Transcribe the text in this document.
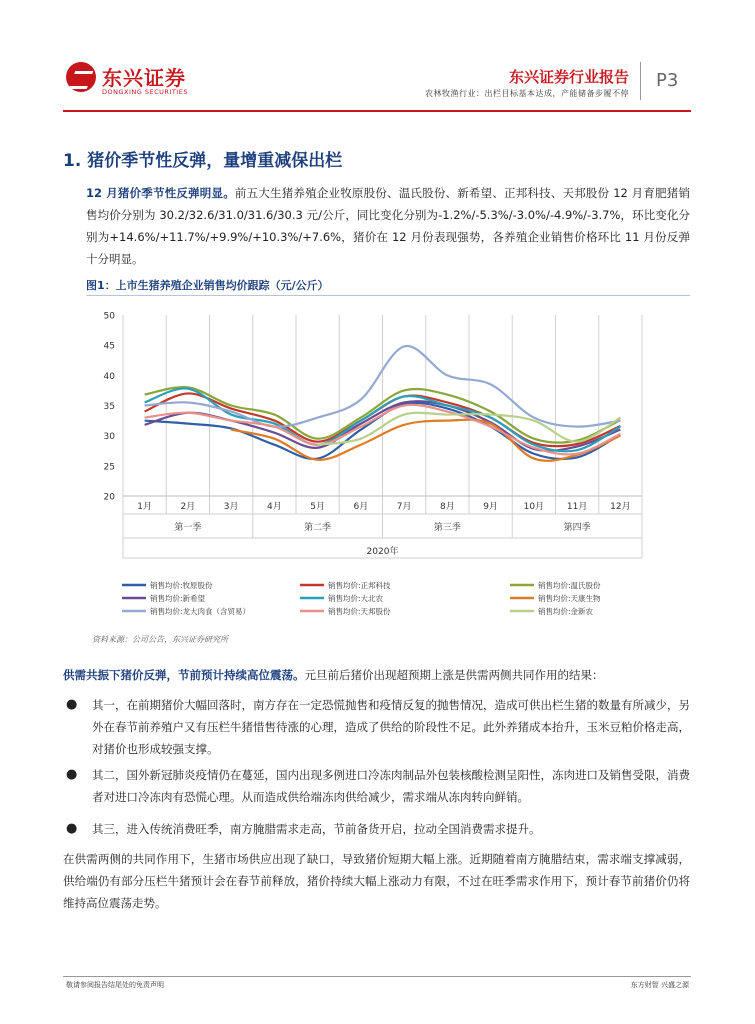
东兴证券
DONGXING SECURITIES
东兴证券行业报告
农林牧渔行业：出栏目标基本达成，产能储备步履不停
P3
1. 猪价季节性反弹，量增重减保出栏
12 月猪价季节性反弹明显。前五大生猪养殖企业牧原股份、温氏股份、新希望、正邦科技、天邦股份 12 月育肥猪销售均价分别为 30.2/32.6/31.0/31.6/30.3 元/公斤，同比变化分别为-1.2%/-5.3%/-3.0%/-4.9%/-3.7%，环比变化分别为+14.6%/+11.7%/+9.9%/+10.3%/+7.6%，猪价在 12 月份表现强势，各养殖企业销售价格环比 11 月份反弹十分明显。
图1：上市生猪养殖企业销售均价跟踪（元/公斤）
20
25
30
35
40
45
50
1月	2月	3月	4月	5月	6月	7月	8月	9月	10月	11月	12月
第一季	第二季	第三季	第四季
2020年
销售均价:牧原股份	销售均价:正邦科技	销售均价:温氏股份
销售均价:新希望	销售均价:大北农	销售均价:天康生物
销售均价:龙大肉食（含贸易）	销售均价:天邦股份	销售均价:金新农
资料来源：公司公告，东兴证券研究所
供需共振下猪价反弹，节前预计持续高位震荡。元旦前后猪价出现超预期上涨是供需两侧共同作用的结果：
● 其一，在前期猪价大幅回落时，南方存在一定恐慌抛售和疫情反复的抛售情况，造成可供出栏生猪的数量有所减少，另外在春节前养殖户又有压栏牛猪惜售待涨的心理，造成了供给的阶段性不足。此外养猪成本抬升，玉米豆粕价格走高，对猪价也形成较强支撑。
● 其二，国外新冠肺炎疫情仍在蔓延，国内出现多例进口冷冻肉制品外包装核酸检测呈阳性，冻肉进口及销售受限，消费者对进口冷冻肉有恐慌心理。从而造成供给端冻肉供给减少，需求端从冻肉转向鲜销。
● 其三，进入传统消费旺季，南方腌腊需求走高，节前备货开启，拉动全国消费需求提升。
在供需两侧的共同作用下，生猪市场供应出现了缺口，导致猪价短期大幅上涨。近期随着南方腌腊结束，需求端支撑减弱，供给端仍有部分压栏牛猪预计会在春节前释放，猪价持续大幅上涨动力有限，不过在旺季需求作用下，预计春节前猪价仍将维持高位震荡走势。
敬请参阅报告结尾处的免责声明	东方财智 兴盛之源
